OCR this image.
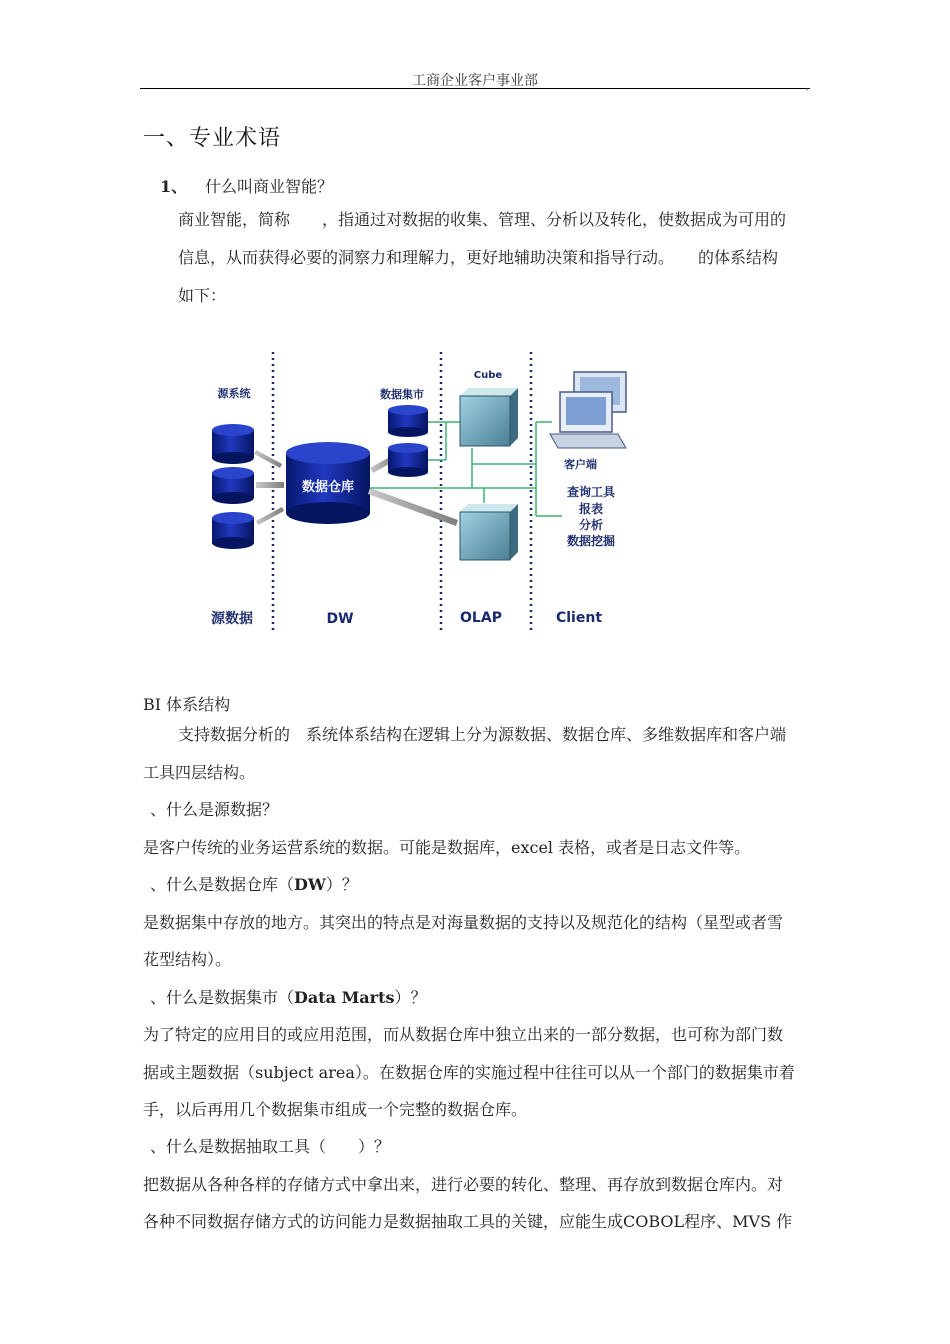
工商企业客户事业部	,
一、专业术语
1、 什么叫商业智能？
商业智能，简称　　，指通过对数据的收集、管理、分析以及转化，使数据成为可用的
信息，从而获得必要的洞察力和理解力，更好地辅助决策和指导行动。　　的体系结构
如下：
数据仓库
Cube
客户端
源系统	数据集市
查询工具
报表
分析
数据挖掘
源数据	DW	OLAP	Client
BI 体系结构
支持数据分析的　系统体系结构在逻辑上分为源数据、数据仓库、多维数据库和客户端
工具四层结构。
、什么是源数据？
是客户传统的业务运营系统的数据。可能是数据库，excel 表格，或者是日志文件等。
、什么是数据仓库（DW）？
是数据集中存放的地方。其突出的特点是对海量数据的支持以及规范化的结构（星型或者雪
花型结构）。
、什么是数据集市（Data Marts）？
为了特定的应用目的或应用范围，而从数据仓库中独立出来的一部分数据，也可称为部门数
据或主题数据（subject area）。在数据仓库的实施过程中往往可以从一个部门的数据集市着
手，以后再用几个数据集市组成一个完整的数据仓库。
、什么是数据抽取工具（　　）？
把数据从各种各样的存储方式中拿出来，进行必要的转化、整理、再存放到数据仓库内。对
各种不同数据存储方式的访问能力是数据抽取工具的关键，应能生成COBOL程序、MVS 作
